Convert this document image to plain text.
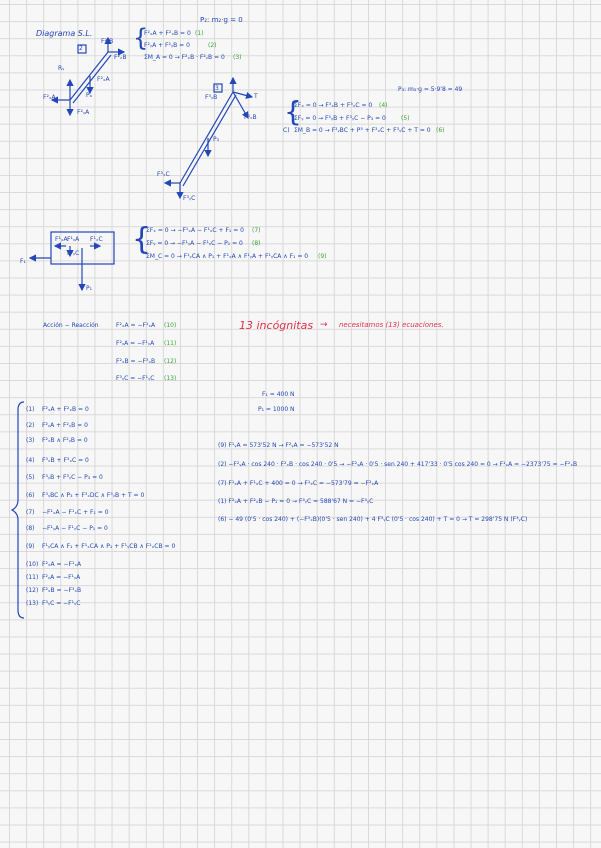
Diagrama S.L.
P₂: m₂·g = 0
P₃: m₃·g = 5·9'8 = 49
2
F²ᵧB
F²ₓB
Rᵧ
Pₐ
F²ₓA
F²ᵧA
F²ₓA
3
F³ᵧB	T
F³ₓB
P₃
F³ₓC
F³ᵧC
F¹ₓA F¹ᵧA F¹ₓC
F¹ᵧC
P₁
F₁
{
F²ₓA + F²ₓB = 0 (1)
F²ᵧA + F²ᵧB = 0	(2)
ΣM_A = 0 → F²ₓB · F²ᵧB = 0 (3)
{
ΣFₓ = 0 → F³ₓB + F³ₓC = 0 (4)
ΣFᵧ = 0 → F³ᵧB + F³ᵧC − P₃ = 0	(5)
C) ΣM_B = 0 → F³ᵧBC + P³ + F³ₓC + F³ᵧC + T = 0 (6)
{
ΣFₓ = 0 → −F¹ₓA − F¹ₓC + F₁ = 0 (7)
ΣFᵧ = 0 → −F¹ᵧA − F¹ᵧC − P₁ = 0 (8)
ΣM_C = 0 → F¹ᵧCA ∧ P₁ + F¹ₓA ∧ F¹ᵧA + F¹ᵧCA ∧ F₁ = 0 (9)
Acción − Reacción	F²ₓA = −F¹ₓA (10)
F²ᵧA = −F¹ᵧA (11)
F²ₓB = −F³ₓB (12)
F³ᵧC = −F¹ᵧC (13)
13 incógnitas → necesitamos (13) ecuaciones.
F₁ = 400 N
P₁ = 1000 N
(1) F²ₓA + F²ₓB = 0
(2) F²ᵧA + F²ᵧB = 0
(3) F²ₓB ∧ F²ᵧB = 0
(4) F³ₓB + F³ₓC = 0
(5) F³ᵧB + F³ᵧC − P₃ = 0
(6) F³ᵧBC ∧ P₃ + F³ₓDC ∧ F³ᵧB + T = 0
(7) −F¹ₓA − F¹ₓC + F₁ = 0
(8) −F¹ᵧA − F¹ᵧC − P₁ = 0
(9) F¹ᵧCA ∧ F₁ + F¹ₓCA ∧ P₁ + F¹ᵧCB ∧ F¹ₓCB = 0
(10) F²ₓA = −F¹ₓA
(11) F²ᵧA = −F¹ᵧA
(12) F²ₓB = −F³ₓB
(13) F³ᵧC = −F¹ᵧC
(9) F¹ᵧA = 573'52 N → F²ᵧA = −573'52 N
(2) −F²ᵧA · cos 240 · F²ₓB · cos 240 · 0'5 → −F²ᵧA · 0'5 · sen 240 + 417'33 · 0'5 cos 240 = 0 → F¹ₓA = −2373'75 = −F²ₓB
(7) F¹ₓA + F¹ₓC + 400 = 0 → F¹ₓC = −573'79 = −F²ₓA
(1) F²ₓA + F²ₓB − P₁ = 0 → F³ᵧC = 588'67 N = −F³ᵧC
(6) − 49 (0'5 · cos 240) + (−F³ₓB)(0'5 · sen 240) + 4 F³ᵧC (0'5 · cos 240) + T = 0 → T = 298'75 N (F³ᵧC)
